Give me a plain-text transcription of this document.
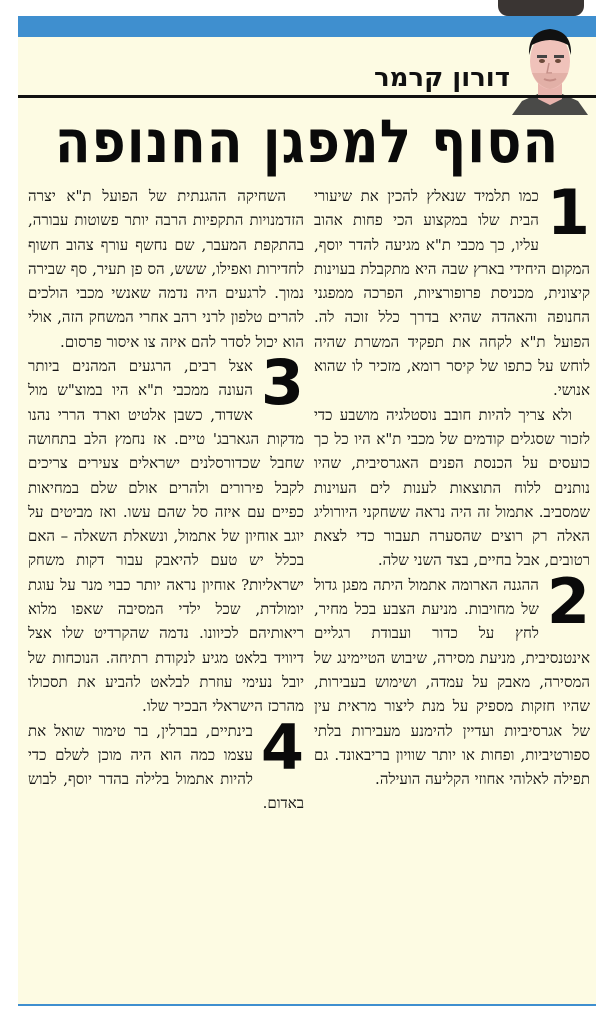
דורון קרמר
הסוף למפגן החנופה

1
כמו תלמיד שנאלץ להכין את שיעורי הבית שלו במקצוע הכי פחות אהוב עליו, כך מכבי ת"א מגיעה להדר יוסף, המקום היחידי בארץ שבה היא מתקבלת בעוינות קיצונית, מכניסת פרופורציות, הפרכה ממפגני החנופה והאהדה שהיא בדרך כלל זוכה לה. הפועל ת"א לקחה את תפקיד המשרת שהיה לוחש על כתפו של קיסר רומא, מזכיר לו שהוא אנושי.

ולא צריך להיות חובב נוסטלגיה מושבע כדי לזכור שסגלים קודמים של מכבי ת"א היו כל כך כועסים על הכנסת הפנים האגרסיבית, שהיו נותנים ללוח התוצאות לענות לים העוינות שמסביב. אתמול זה היה נראה ששחקני היורוליג האלה רק רוצים שהסערה תעבור כדי לצאת רטובים, אבל בחיים, בצד השני שלה.

2
ההגנה הארומה אתמול היתה מפגן גדול של מחויבות. מניעת הצבע בכל מחיר, לחץ על כדור ועבודת רגליים אינטנסיבית, מניעת מסירה, שיבוש הטיימינג של המסירה, מאבק על עמדה, ושימוש בעבירות, שהיו חזקות מספיק על מנת ליצור מראית עין של אגרסיביות ועדיין להימנע מעבירות בלתי ספורטיביות, ופחות או יותר שוויון בריבאונד. גם תפילה לאלוהי אחוזי הקליעה הועילה.

השחיקה ההגנתית של הפועל ת"א יצרה הזדמנויות התקפיות הרבה יותר פשוטות עבורה, בהתקפת המעבר, שם נחשף עורף צהוב חשוף לחדירות ואפילו, ששש, הס פן תעיר, סף שבירה נמוך. לרגעים היה נדמה שאנשי מכבי הולכים להרים טלפון לרני רהב אחרי המשחק הזה, אולי הוא יכול לסדר להם איזה צו איסור פרסום.

3
אצל רבים, הרגעים המהנים ביותר העונה ממכבי ת"א היו במוצ"ש מול אשדוד, כשבן אלטיט וארד הררי נהנו מדקות הגארבג' טיים. אז נחמץ הלב בתחושה שחבל שכדורסלנים ישראלים צעירים צריכים לקבל פירורים ולהרים אולם שלם במחיאות כפיים עם איזה סל שהם עשו. ואז מביטים על יוגב אוחיון של אתמול, ונשאלת השאלה – האם בכלל יש טעם להיאבק עבור דקות משחק ישראליות? אוחיון נראה יותר כבוי מנר על עוגת יומולדת, שכל ילדי המסיבה שאפו מלוא ריאותיהם לכיוונו. נדמה שהקרדיט שלו אצל דיוויד בלאט מגיע לנקודת רתיחה. הנוכחות של יובל נעימי עוזרת לבלאט להביע את תסכולו מהרכז הישראלי הבכיר שלו.

4
בינתיים, בברלין, בר טימור שואל את עצמו כמה הוא היה מוכן לשלם כדי להיות אתמול בלילה בהדר יוסף, לבוש באדום.
